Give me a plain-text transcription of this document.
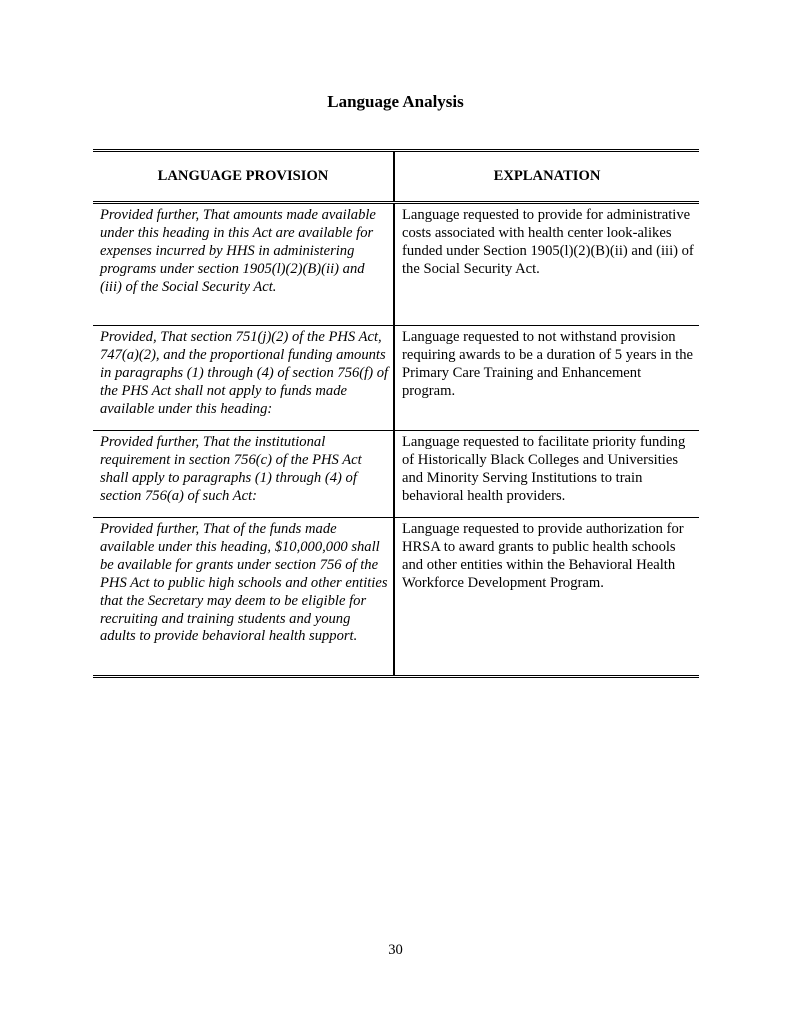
Language Analysis
LANGUAGE PROVISION	EXPLANATION
Provided further, That amounts made available under this heading in this Act are available for expenses incurred by HHS in administering programs under section 1905(l)(2)(B)(ii) and (iii) of the Social Security Act.
Language requested to provide for administrative costs associated with health center look-alikes funded under Section 1905(l)(2)(B)(ii) and (iii) of the Social Security Act.
Provided, That section 751(j)(2) of the PHS Act, 747(a)(2), and the proportional funding amounts in paragraphs (1) through (4) of section 756(f) of the PHS Act shall not apply to funds made available under this heading:
Language requested to not withstand provision requiring awards to be a duration of 5 years in the Primary Care Training and Enhancement program.
Provided further, That the institutional requirement in section 756(c) of the PHS Act shall apply to paragraphs (1) through (4) of section 756(a) of such Act:
Language requested to facilitate priority funding of Historically Black Colleges and Universities and Minority Serving Institutions to train behavioral health providers.
Provided further, That of the funds made available under this heading, $10,000,000 shall be available for grants under section 756 of the PHS Act to public high schools and other entities that the Secretary may deem to be eligible for recruiting and training students and young adults to provide behavioral health support.
Language requested to provide authorization for HRSA to award grants to public health schools and other entities within the Behavioral Health Workforce Development Program.
30
